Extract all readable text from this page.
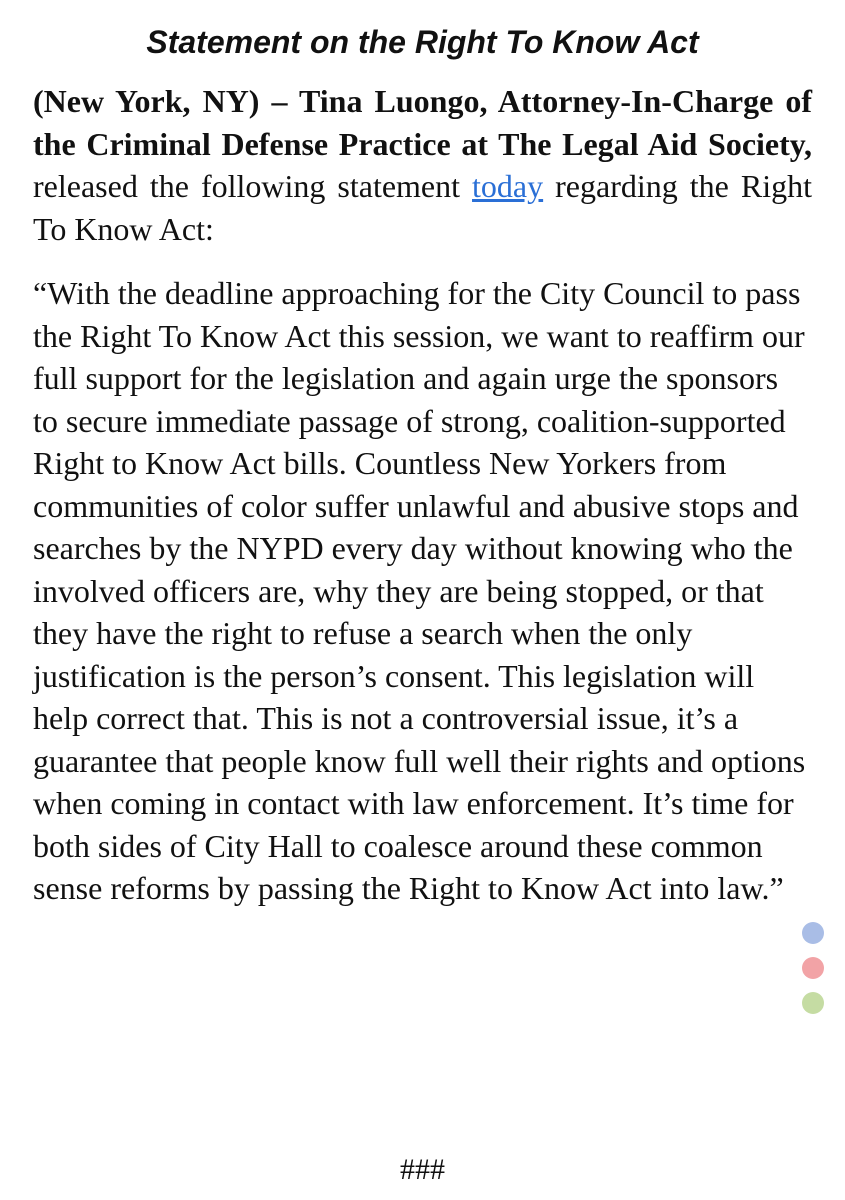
Statement on the Right To Know Act

(New York, NY) – Tina Luongo, Attorney-In-Charge of the Criminal Defense Practice at The Legal Aid Society, released the following statement today regarding the Right To Know Act:

“With the deadline approaching for the City Council to pass the Right To Know Act this session, we want to reaffirm our full support for the legislation and again urge the sponsors to secure immediate passage of strong, coalition-supported Right to Know Act bills. Countless New Yorkers from communities of color suffer unlawful and abusive stops and searches by the NYPD every day without knowing who the involved officers are, why they are being stopped, or that they have the right to refuse a search when the only justification is the person’s consent. This legislation will help correct that. This is not a controversial issue, it’s a guarantee that people know full well their rights and options when coming in contact with law enforcement. It’s time for both sides of City Hall to coalesce around these common sense reforms by passing the Right to Know Act into law.”

###
